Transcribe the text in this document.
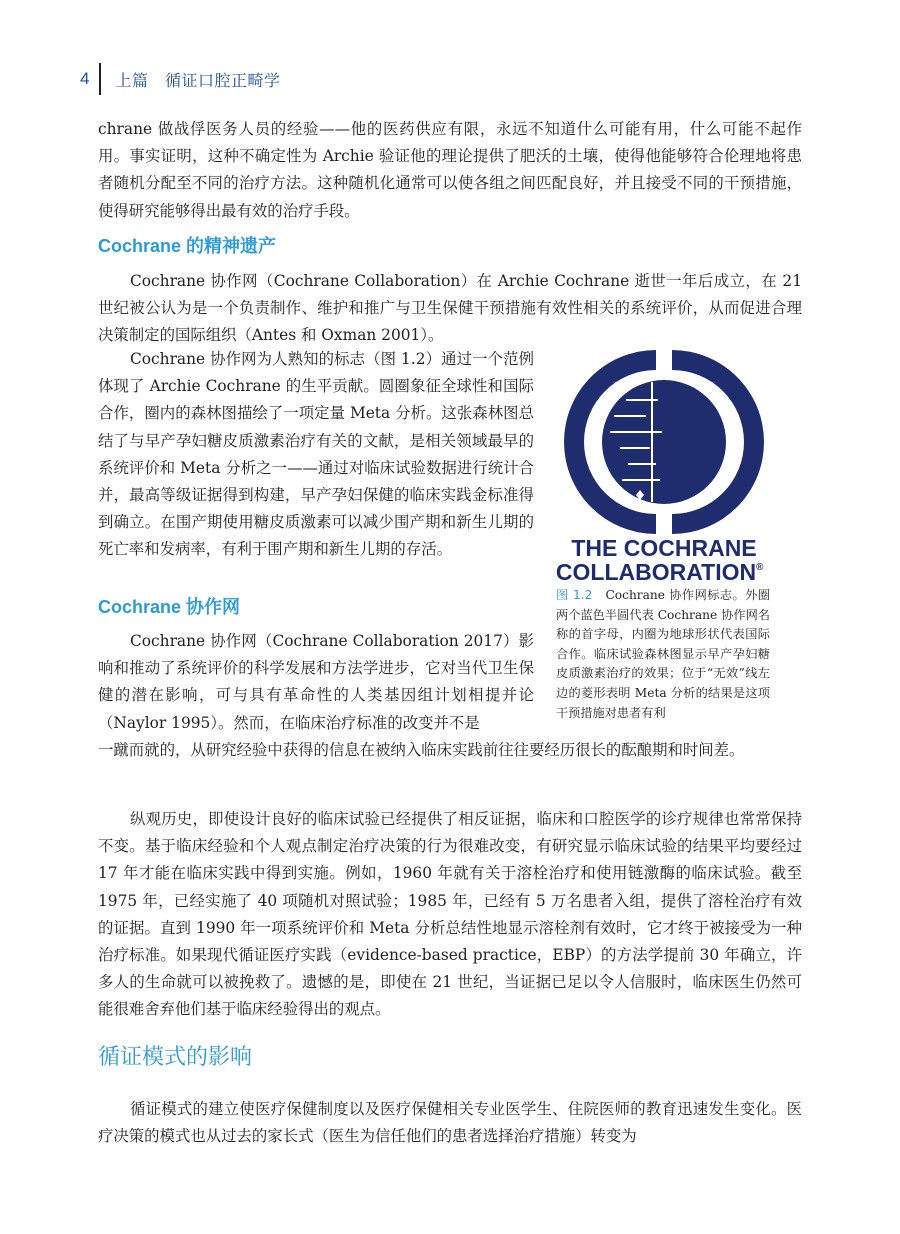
4 上篇　循证口腔正畸学

chrane 做战俘医务人员的经验——他的医药供应有限，永远不知道什么可能有用，什么可能不起作用。事实证明，这种不确定性为 Archie 验证他的理论提供了肥沃的土壤，使得他能够符合伦理地将患者随机分配至不同的治疗方法。这种随机化通常可以使各组之间匹配良好，并且接受不同的干预措施，使得研究能够得出最有效的治疗手段。

Cochrane 的精神遗产

Cochrane 协作网（Cochrane Collaboration）在 Archie Cochrane 逝世一年后成立，在 21 世纪被公认为是一个负责制作、维护和推广与卫生保健干预措施有效性相关的系统评价，从而促进合理决策制定的国际组织（Antes 和 Oxman 2001）。

Cochrane 协作网为人熟知的标志（图 1.2）通过一个范例体现了 Archie Cochrane 的生平贡献。圆圈象征全球性和国际合作，圈内的森林图描绘了一项定量 Meta 分析。这张森林图总结了与早产孕妇糖皮质激素治疗有关的文献，是相关领域最早的系统评价和 Meta 分析之一——通过对临床试验数据进行统计合并，最高等级证据得到构建，早产孕妇保健的临床实践金标准得到确立。在围产期使用糖皮质激素可以减少围产期和新生儿期的死亡率和发病率，有利于围产期和新生儿期的存活。	THE COCHRANE
COLLABORATION ®

图 1.2　 Cochrane 协作网标志。外圈两个蓝色半圆代表 Cochrane 协作网名称的首字母，内圈为地球形状代表国际合作。临床试验森林图显示早产孕妇糖皮质激素治疗的效果；位于“无效”线左边的菱形表明 Meta 分析的结果是这项干预措施对患者有利

Cochrane 协作网

Cochrane 协作网（Cochrane Collaboration 2017）影响和推动了系统评价的科学发展和方法学进步，它对当代卫生保健的潜在影响，可与具有革命性的人类基因组计划相提并论（Naylor 1995）。然而，在临床治疗标准的改变并不是

一蹴而就的，从研究经验中获得的信息在被纳入临床实践前往往要经历很长的酝酿期和时间差。

纵观历史，即使设计良好的临床试验已经提供了相反证据，临床和口腔医学的诊疗规律也常常保持不变。基于临床经验和个人观点制定治疗决策的行为很难改变，有研究显示临床试验的结果平均要经过 17 年才能在临床实践中得到实施。例如，1960 年就有关于溶栓治疗和使用链激酶的临床试验。截至 1975 年，已经实施了 40 项随机对照试验；1985 年，已经有 5 万名患者入组，提供了溶栓治疗有效的证据。直到 1990 年一项系统评价和 Meta 分析总结性地显示溶栓剂有效时，它才终于被接受为一种治疗标准。如果现代循证医疗实践（evidence-based practice，EBP）的方法学提前 30 年确立，许多人的生命就可以被挽救了。遗憾的是，即使在 21 世纪，当证据已足以令人信服时，临床医生仍然可能很难舍弃他们基于临床经验得出的观点。

循证模式的影响

循证模式的建立使医疗保健制度以及医疗保健相关专业医学生、住院医师的教育迅速发生变化。医疗决策的模式也从过去的家长式（医生为信任他们的患者选择治疗措施）转变为
